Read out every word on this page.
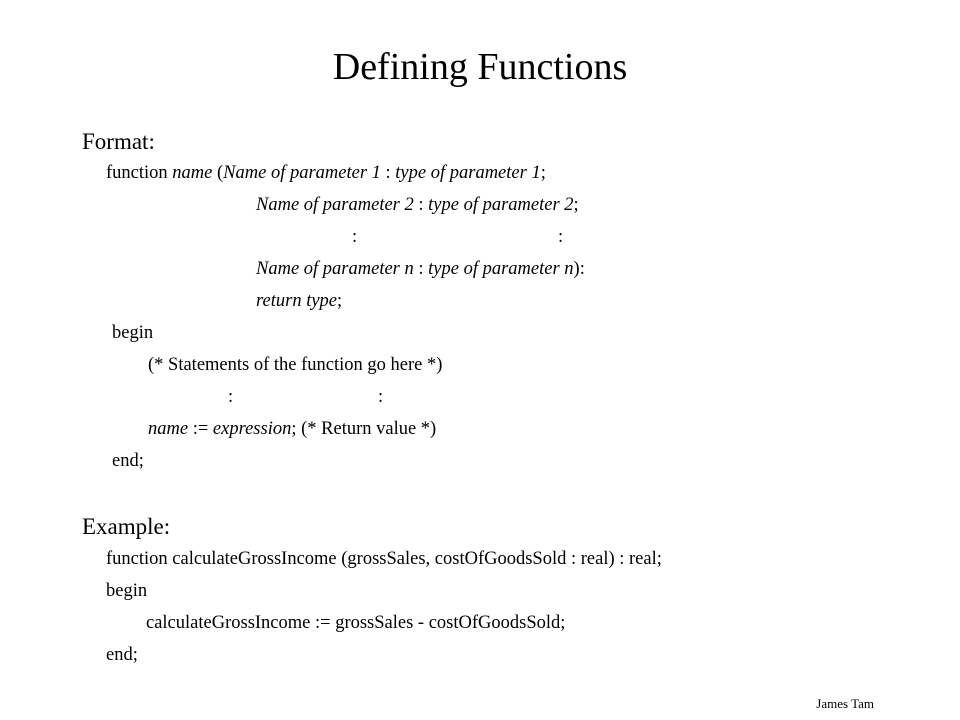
Defining Functions
Format:
function name (Name of parameter 1 : type of parameter 1;
Name of parameter 2 : type of parameter 2;
:	:
Name of parameter n : type of parameter n):
return type;
begin
(* Statements of the function go here *)
:	:
name := expression; (* Return value *)
end;
Example:
function calculateGrossIncome (grossSales, costOfGoodsSold : real) : real;
begin
calculateGrossIncome := grossSales - costOfGoodsSold;
end;
James Tam
